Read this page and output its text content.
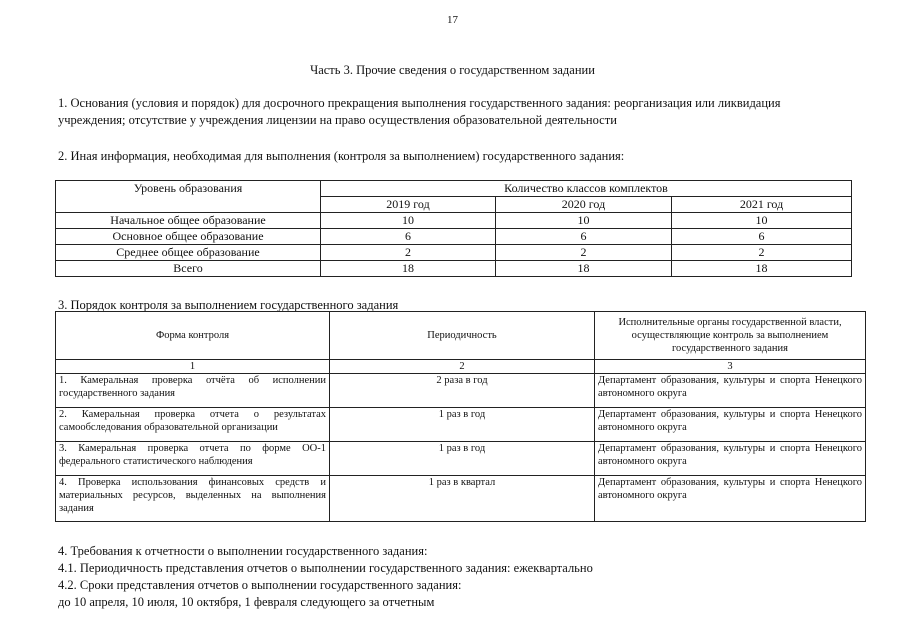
17
Часть 3. Прочие сведения о государственном задании
1. Основания (условия и порядок) для досрочного прекращения выполнения государственного задания: реорганизация или ликвидация
учреждения; отсутствие у учреждения лицензии на право осуществления образовательной деятельности
2. Иная информация, необходимая для выполнения (контроля за выполнением) государственного задания:
Уровень образования	Количество классов комплектов		
	2019 год	2020 год	2021 год
Начальное общее образование	10	10	10
Основное общее образование	6	6	6
Среднее общее образование	2	2	2
Всего	18	18	18
3. Порядок контроля за выполнением государственного задания
Форма контроля	Периодичность	Исполнительные органы государственной власти, осуществляющие контроль за выполнением государственного задания
1	2	3
1. Камеральная проверка отчёта об исполнении государственного задания	2 раза в год	Департамент образования, культуры и спорта Ненецкого автономного округа
2. Камеральная проверка отчета о результатах самообследования образовательной организации	1 раз в год	Департамент образования, культуры и спорта Ненецкого автономного округа
3. Камеральная проверка отчета по форме ОО-1 федерального статистического наблюдения	1 раз в год	Департамент образования, культуры и спорта Ненецкого автономного округа
4. Проверка использования финансовых средств и материальных ресурсов, выделенных на выполнения задания	1 раз в квартал	Департамент образования, культуры и спорта Ненецкого автономного округа
4. Требования к отчетности о выполнении государственного задания:
4.1. Периодичность представления отчетов о выполнении государственного задания: ежеквартально
4.2. Сроки представления отчетов о выполнении государственного задания:
до 10 апреля, 10 июля, 10 октября, 1 февраля следующего за отчетным
